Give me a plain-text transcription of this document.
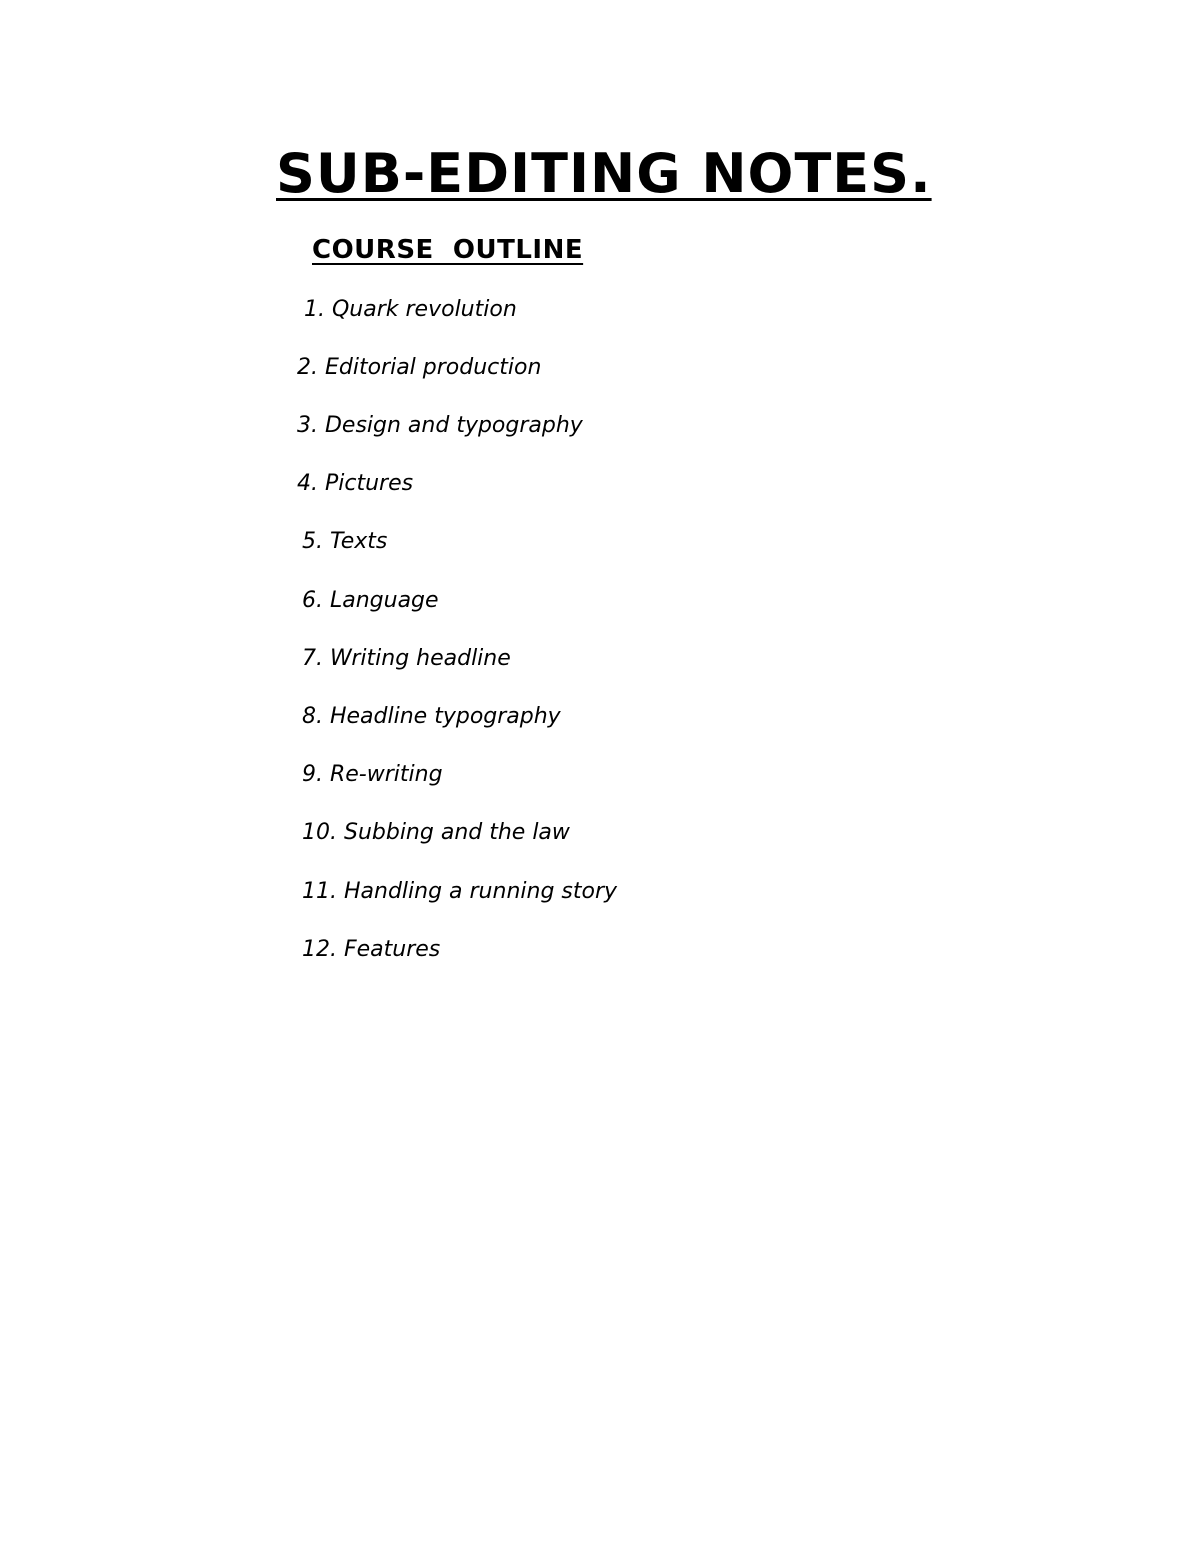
SUB-EDITING NOTES.
COURSE  OUTLINE

1. Quark revolution

2. Editorial production

3. Design and typography

4. Pictures

5. Texts

6. Language

7. Writing headline

8. Headline typography

9. Re-writing

10. Subbing and the law

11. Handling a running story

12. Features
